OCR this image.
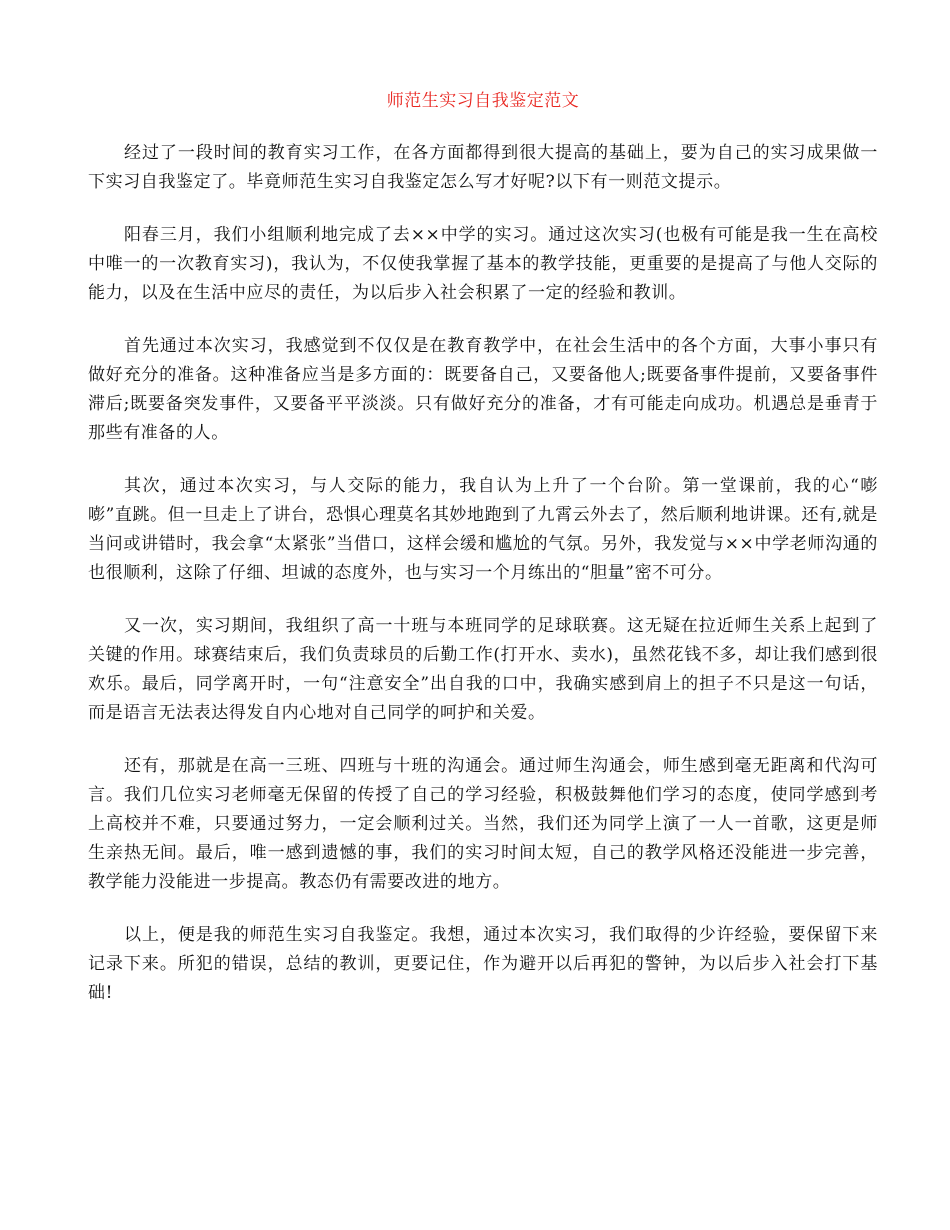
师范生实习自我鉴定范文

经过了一段时间的教育实习工作，在各方面都得到很大提高的基础上，要为自己的实习成果做一下实习自我鉴定了。毕竟师范生实习自我鉴定怎么写才好呢?以下有一则范文提示。

阳春三月，我们小组顺利地完成了去××中学的实习。通过这次实习(也极有可能是我一生在高校中唯一的一次教育实习)，我认为，不仅使我掌握了基本的教学技能，更重要的是提高了与他人交际的能力，以及在生活中应尽的责任，为以后步入社会积累了一定的经验和教训。

首先通过本次实习，我感觉到不仅仅是在教育教学中，在社会生活中的各个方面，大事小事只有做好充分的准备。这种准备应当是多方面的：既要备自己，又要备他人;既要备事件提前，又要备事件滞后;既要备突发事件，又要备平平淡淡。只有做好充分的准备，才有可能走向成功。机遇总是垂青于那些有准备的人。

其次，通过本次实习，与人交际的能力，我自认为上升了一个台阶。第一堂课前，我的心“嘭嘭”直跳。但一旦走上了讲台，恐惧心理莫名其妙地跑到了九霄云外去了，然后顺利地讲课。还有,就是当问或讲错时，我会拿“太紧张”当借口，这样会缓和尴尬的气氛。另外，我发觉与××中学老师沟通的也很顺利，这除了仔细、坦诚的态度外，也与实习一个月练出的“胆量”密不可分。

又一次，实习期间，我组织了高一十班与本班同学的足球联赛。这无疑在拉近师生关系上起到了关键的作用。球赛结束后，我们负责球员的后勤工作(打开水、卖水)，虽然花钱不多，却让我们感到很欢乐。最后，同学离开时，一句“注意安全”出自我的口中，我确实感到肩上的担子不只是这一句话，而是语言无法表达得发自内心地对自己同学的呵护和关爱。

还有，那就是在高一三班、四班与十班的沟通会。通过师生沟通会，师生感到毫无距离和代沟可言。我们几位实习老师毫无保留的传授了自己的学习经验，积极鼓舞他们学习的态度，使同学感到考上高校并不难，只要通过努力，一定会顺利过关。当然，我们还为同学上演了一人一首歌，这更是师生亲热无间。最后，唯一感到遗憾的事，我们的实习时间太短，自己的教学风格还没能进一步完善，教学能力没能进一步提高。教态仍有需要改进的地方。

以上，便是我的师范生实习自我鉴定。我想，通过本次实习，我们取得的少许经验，要保留下来记录下来。所犯的错误，总结的教训，更要记住，作为避开以后再犯的警钟，为以后步入社会打下基础!
